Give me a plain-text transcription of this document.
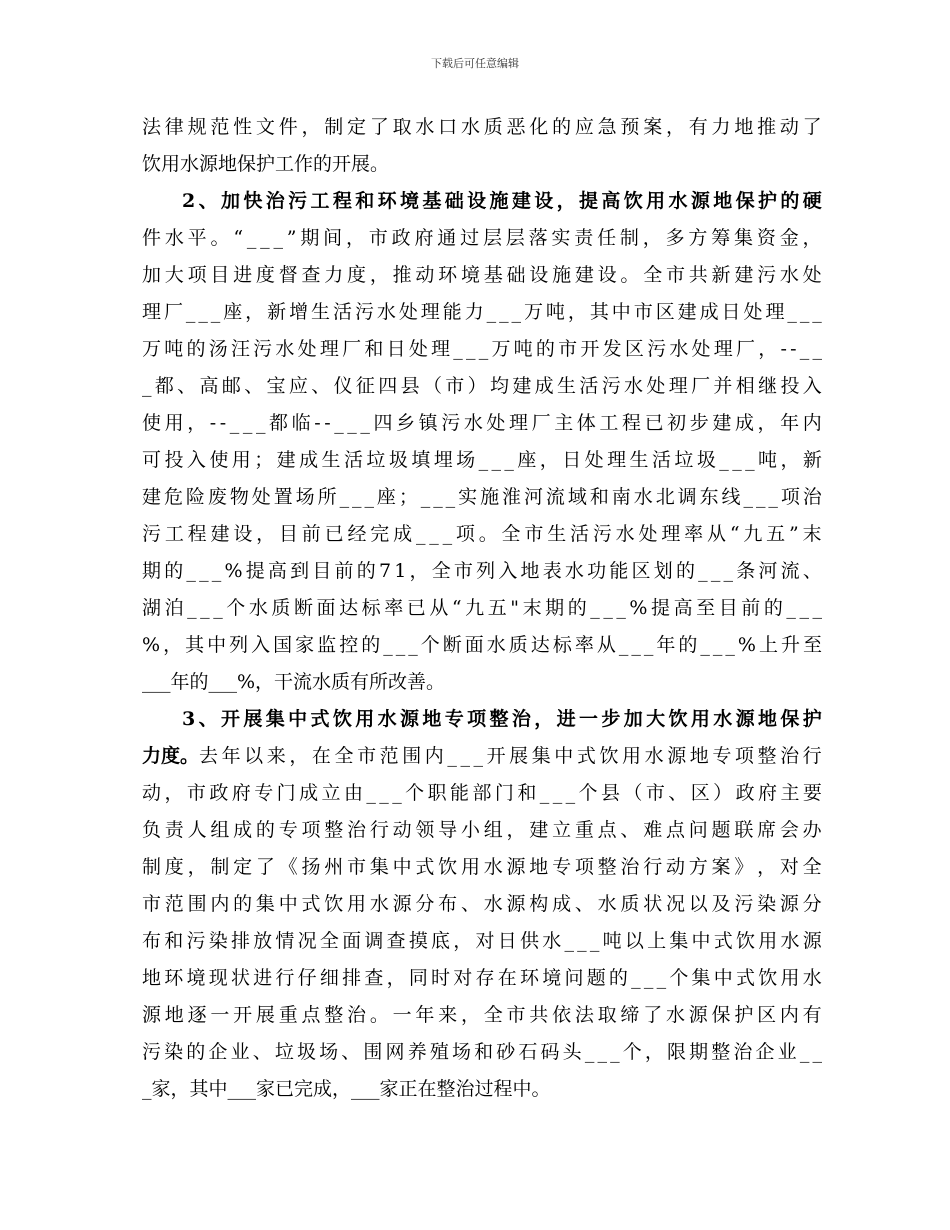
下载后可任意编辑
法 律 规 范 性 文 件 ， 制 定 了 取 水 口 水 质 恶 化 的 应 急 预 案 ， 有 力 地 推 动 了
饮用水源地保护工作的开展。
2 、 加 快 治 污 工 程 和 环 境 基 础 设 施 建 设 ， 提 高 饮 用 水 源 地 保 护 的 硬
件 水 平 。 “ _ _ _ ” 期 间 ， 市 政 府 通 过 层 层 落 实 责 任 制 ， 多 方 筹 集 资 金 ，
加 大 项 目 进 度 督 查 力 度 ， 推 动 环 境 基 础 设 施 建 设 。 全 市 共 新 建 污 水 处
理 厂 _ _ _ 座 ， 新 增 生 活 污 水 处 理 能 力 _ _ _ 万 吨 ， 其 中 市 区 建 成 日 处 理 _ _ _
万 吨 的 汤 汪 污 水 处 理 厂 和 日 处 理 _ _ _ 万 吨 的 市 开 发 区 污 水 处 理 厂 ， - - _ _
_ 都 、 高 邮 、 宝 应 、 仪 征 四 县 （ 市 ） 均 建 成 生 活 污 水 处 理 厂 并 相 继 投 入
使 用 ， - - _ _ _ 都 临 - - _ _ _ 四 乡 镇 污 水 处 理 厂 主 体 工 程 已 初 步 建 成 ， 年 内
可 投 入 使 用 ； 建 成 生 活 垃 圾 填 埋 场 _ _ _ 座 ， 日 处 理 生 活 垃 圾 _ _ _ 吨 ， 新
建 危 险 废 物 处 置 场 所 _ _ _ 座 ； _ _ _ 实 施 淮 河 流 域 和 南 水 北 调 东 线 _ _ _ 项 治
污 工 程 建 设 ， 目 前 已 经 完 成 _ _ _ 项 。 全 市 生 活 污 水 处 理 率 从 “ 九 五 ” 末
期 的 _ _ _ % 提 高 到 目 前 的 7 1 ， 全 市 列 入 地 表 水 功 能 区 划 的 _ _ _ 条 河 流 、
湖 泊 _ _ _ 个 水 质 断 面 达 标 率 已 从 “ 九 五 " 末 期 的 _ _ _ % 提 高 至 目 前 的 _ _ _
% ， 其 中 列 入 国 家 监 控 的 _ _ _ 个 断 面 水 质 达 标 率 从 _ _ _ 年 的 _ _ _ % 上 升 至
___年的___%，干流水质有所改善。
3 、 开 展 集 中 式 饮 用 水 源 地 专 项 整 治 ， 进 一 步 加 大 饮 用 水 源 地 保 护
力度。 去 年 以 来 ， 在 全 市 范 围 内 _ _ _ 开 展 集 中 式 饮 用 水 源 地 专 项 整 治 行
动 ， 市 政 府 专 门 成 立 由 _ _ _ 个 职 能 部 门 和 _ _ _ 个 县 （ 市 、 区 ） 政 府 主 要
负 责 人 组 成 的 专 项 整 治 行 动 领 导 小 组 ， 建 立 重 点 、 难 点 问 题 联 席 会 办
制 度 ， 制 定 了 《 扬 州 市 集 中 式 饮 用 水 源 地 专 项 整 治 行 动 方 案 》 ， 对 全
市 范 围 内 的 集 中 式 饮 用 水 源 分 布 、 水 源 构 成 、 水 质 状 况 以 及 污 染 源 分
布 和 污 染 排 放 情 况 全 面 调 查 摸 底 ， 对 日 供 水 _ _ _ 吨 以 上 集 中 式 饮 用 水 源
地 环 境 现 状 进 行 仔 细 排 查 ， 同 时 对 存 在 环 境 问 题 的 _ _ _ 个 集 中 式 饮 用 水
源 地 逐 一 开 展 重 点 整 治 。 一 年 来 ， 全 市 共 依 法 取 缔 了 水 源 保 护 区 内 有
污 染 的 企 业 、 垃 圾 场 、 围 网 养 殖 场 和 砂 石 码 头 _ _ _ 个 ， 限 期 整 治 企 业 _ _
_家，其中___家已完成，___家正在整治过程中。
